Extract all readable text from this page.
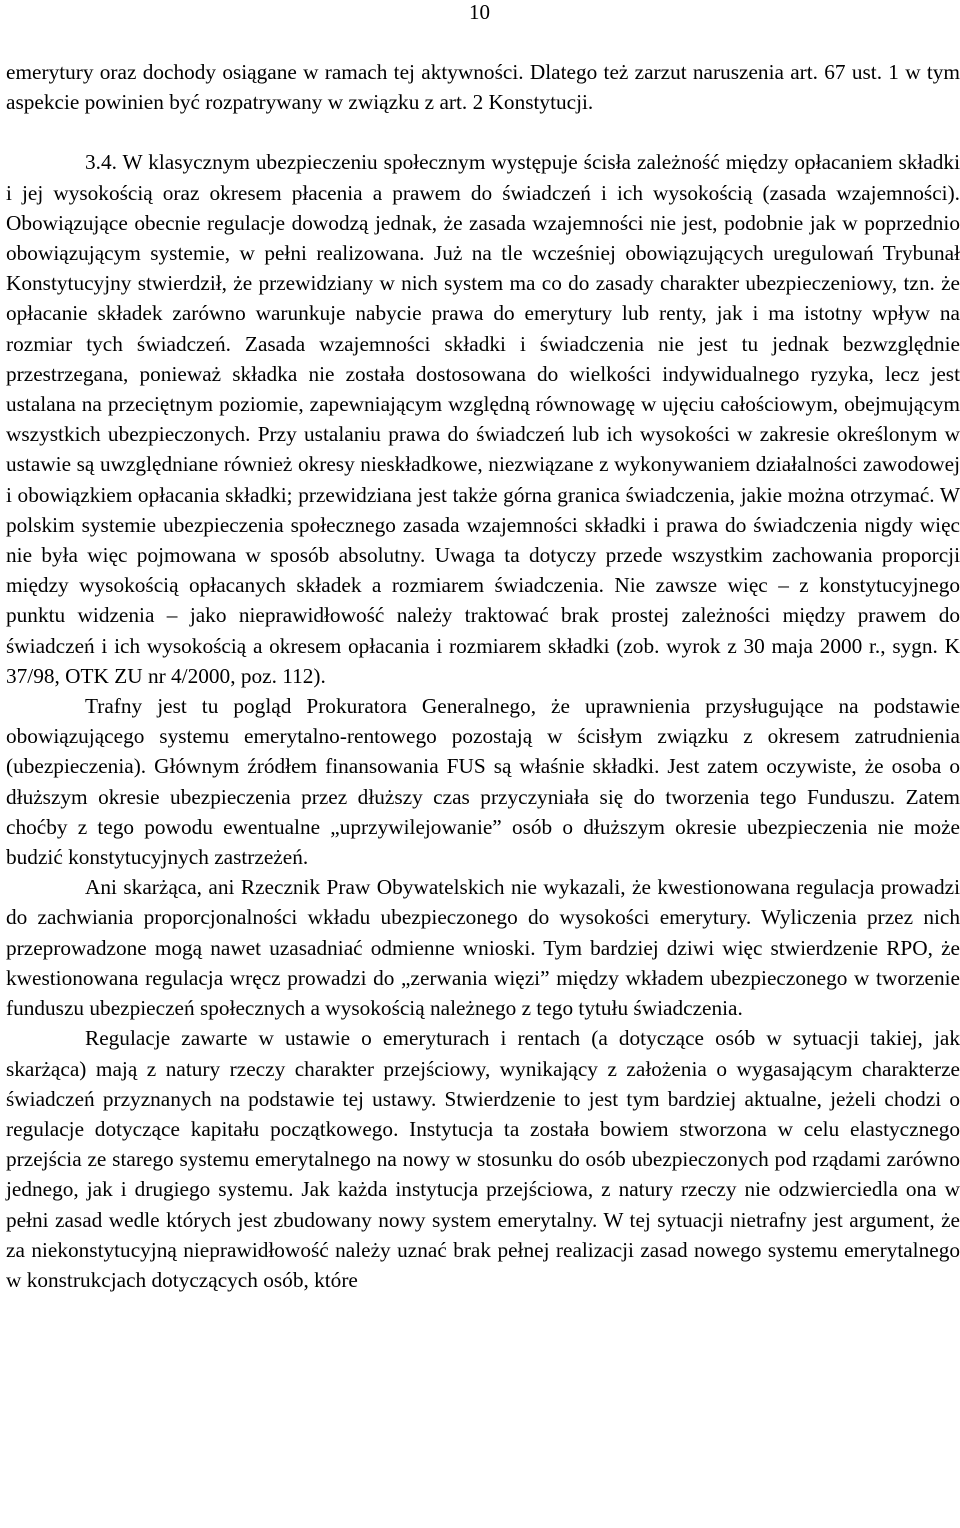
10

emerytury oraz dochody osiągane w ramach tej aktywności. Dlatego też zarzut naruszenia art. 67 ust. 1 w tym aspekcie powinien być rozpatrywany w związku z art. 2 Konstytucji.

3.4. W klasycznym ubezpieczeniu społecznym występuje ścisła zależność między opłacaniem składki i jej wysokością oraz okresem płacenia a prawem do świadczeń i ich wysokością (zasada wzajemności). Obowiązujące obecnie regulacje dowodzą jednak, że zasada wzajemności nie jest, podobnie jak w poprzednio obowiązującym systemie, w pełni realizowana. Już na tle wcześniej obowiązujących uregulowań Trybunał Konstytucyjny stwierdził, że przewidziany w nich system ma co do zasady charakter ubezpieczeniowy, tzn. że opłacanie składek zarówno warunkuje nabycie prawa do emerytury lub renty, jak i ma istotny wpływ na rozmiar tych świadczeń. Zasada wzajemności składki i świadczenia nie jest tu jednak bezwzględnie przestrzegana, ponieważ składka nie została dostosowana do wielkości indywidualnego ryzyka, lecz jest ustalana na przeciętnym poziomie, zapewniającym względną równowagę w ujęciu całościowym, obejmującym wszystkich ubezpieczonych. Przy ustalaniu prawa do świadczeń lub ich wysokości w zakresie określonym w ustawie są uwzględniane również okresy nieskładkowe, niezwiązane z wykonywaniem działalności zawodowej i obowiązkiem opłacania składki; przewidziana jest także górna granica świadczenia, jakie można otrzymać. W polskim systemie ubezpieczenia społecznego zasada wzajemności składki i prawa do świadczenia nigdy więc nie była więc pojmowana w sposób absolutny. Uwaga ta dotyczy przede wszystkim zachowania proporcji między wysokością opłacanych składek a rozmiarem świadczenia. Nie zawsze więc – z konstytucyjnego punktu widzenia – jako nieprawidłowość należy traktować brak prostej zależności między prawem do świadczeń i ich wysokością a okresem opłacania i rozmiarem składki (zob. wyrok z 30 maja 2000 r., sygn. K 37/98, OTK ZU nr 4/2000, poz. 112).

Trafny jest tu pogląd Prokuratora Generalnego, że uprawnienia przysługujące na podstawie obowiązującego systemu emerytalno-rentowego pozostają w ścisłym związku z okresem zatrudnienia (ubezpieczenia). Głównym źródłem finansowania FUS są właśnie składki. Jest zatem oczywiste, że osoba o dłuższym okresie ubezpieczenia przez dłuższy czas przyczyniała się do tworzenia tego Funduszu. Zatem choćby z tego powodu ewentualne „uprzywilejowanie” osób o dłuższym okresie ubezpieczenia nie może budzić konstytucyjnych zastrzeżeń.

Ani skarżąca, ani Rzecznik Praw Obywatelskich nie wykazali, że kwestionowana regulacja prowadzi do zachwiania proporcjonalności wkładu ubezpieczonego do wysokości emerytury. Wyliczenia przez nich przeprowadzone mogą nawet uzasadniać odmienne wnioski. Tym bardziej dziwi więc stwierdzenie RPO, że kwestionowana regulacja wręcz prowadzi do „zerwania więzi” między wkładem ubezpieczonego w tworzenie funduszu ubezpieczeń społecznych a wysokością należnego z tego tytułu świadczenia.

Regulacje zawarte w ustawie o emeryturach i rentach (a dotyczące osób w sytuacji takiej, jak skarżąca) mają z natury rzeczy charakter przejściowy, wynikający z założenia o wygasającym charakterze świadczeń przyznanych na podstawie tej ustawy. Stwierdzenie to jest tym bardziej aktualne, jeżeli chodzi o regulacje dotyczące kapitału początkowego. Instytucja ta została bowiem stworzona w celu elastycznego przejścia ze starego systemu emerytalnego na nowy w stosunku do osób ubezpieczonych pod rządami zarówno jednego, jak i drugiego systemu. Jak każda instytucja przejściowa, z natury rzeczy nie odzwierciedla ona w pełni zasad wedle których jest zbudowany nowy system emerytalny. W tej sytuacji nietrafny jest argument, że za niekonstytucyjną nieprawidłowość należy uznać brak pełnej realizacji zasad nowego systemu emerytalnego w konstrukcjach dotyczących osób, które
